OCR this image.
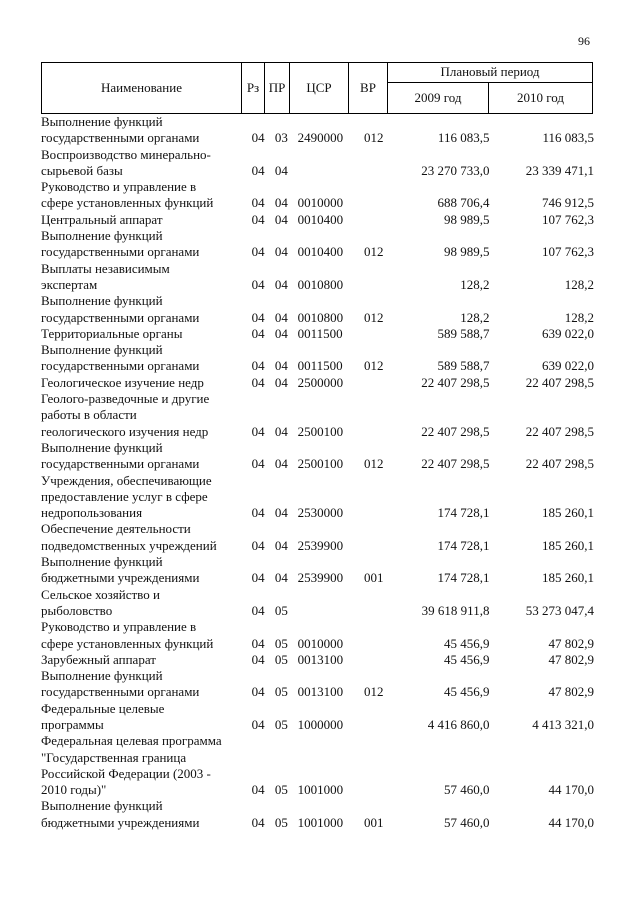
96
Наименование	Рз ПР	ЦСР	ВР
Плановый период
2009 год	2010 год
Выполнение функций
государственными органами	04	03	2490000	012	116 083,5	116 083,5
Воспроизводство минерально-
сырьевой базы	04	04			23 270 733,0	23 339 471,1
Руководство и управление в
сфере установленных функций	04	04	0010000		688 706,4	746 912,5
Центральный аппарат	04	04	0010400		98 989,5	107 762,3
Выполнение функций
государственными органами	04	04	0010400	012	98 989,5	107 762,3
Выплаты независимым
экспертам	04	04	0010800		128,2	128,2
Выполнение функций
государственными органами	04	04	0010800	012	128,2	128,2
Территориальные органы	04	04	0011500		589 588,7	639 022,0
Выполнение функций
государственными органами	04	04	0011500	012	589 588,7	639 022,0
Геологическое изучение недр	04	04	2500000		22 407 298,5	22 407 298,5
Геолого-разведочные и другие
работы в области
геологического изучения недр	04	04	2500100		22 407 298,5	22 407 298,5
Выполнение функций
государственными органами	04	04	2500100	012	22 407 298,5	22 407 298,5
Учреждения, обеспечивающие
предоставление услуг в сфере
недропользования	04	04	2530000		174 728,1	185 260,1
Обеспечение деятельности
подведомственных учреждений	04	04	2539900		174 728,1	185 260,1
Выполнение функций
бюджетными учреждениями	04	04	2539900	001	174 728,1	185 260,1
Сельское хозяйство и
рыболовство	04	05			39 618 911,8	53 273 047,4
Руководство и управление в
сфере установленных функций	04	05	0010000		45 456,9	47 802,9
Зарубежный аппарат	04	05	0013100		45 456,9	47 802,9
Выполнение функций
государственными органами	04	05	0013100	012	45 456,9	47 802,9
Федеральные целевые
программы	04	05	1000000		4 416 860,0	4 413 321,0
Федеральная целевая программа
"Государственная граница
Российской Федерации (2003 -
2010 годы)"	04	05	1001000		57 460,0	44 170,0
Выполнение функций
бюджетными учреждениями	04	05	1001000	001	57 460,0	44 170,0
